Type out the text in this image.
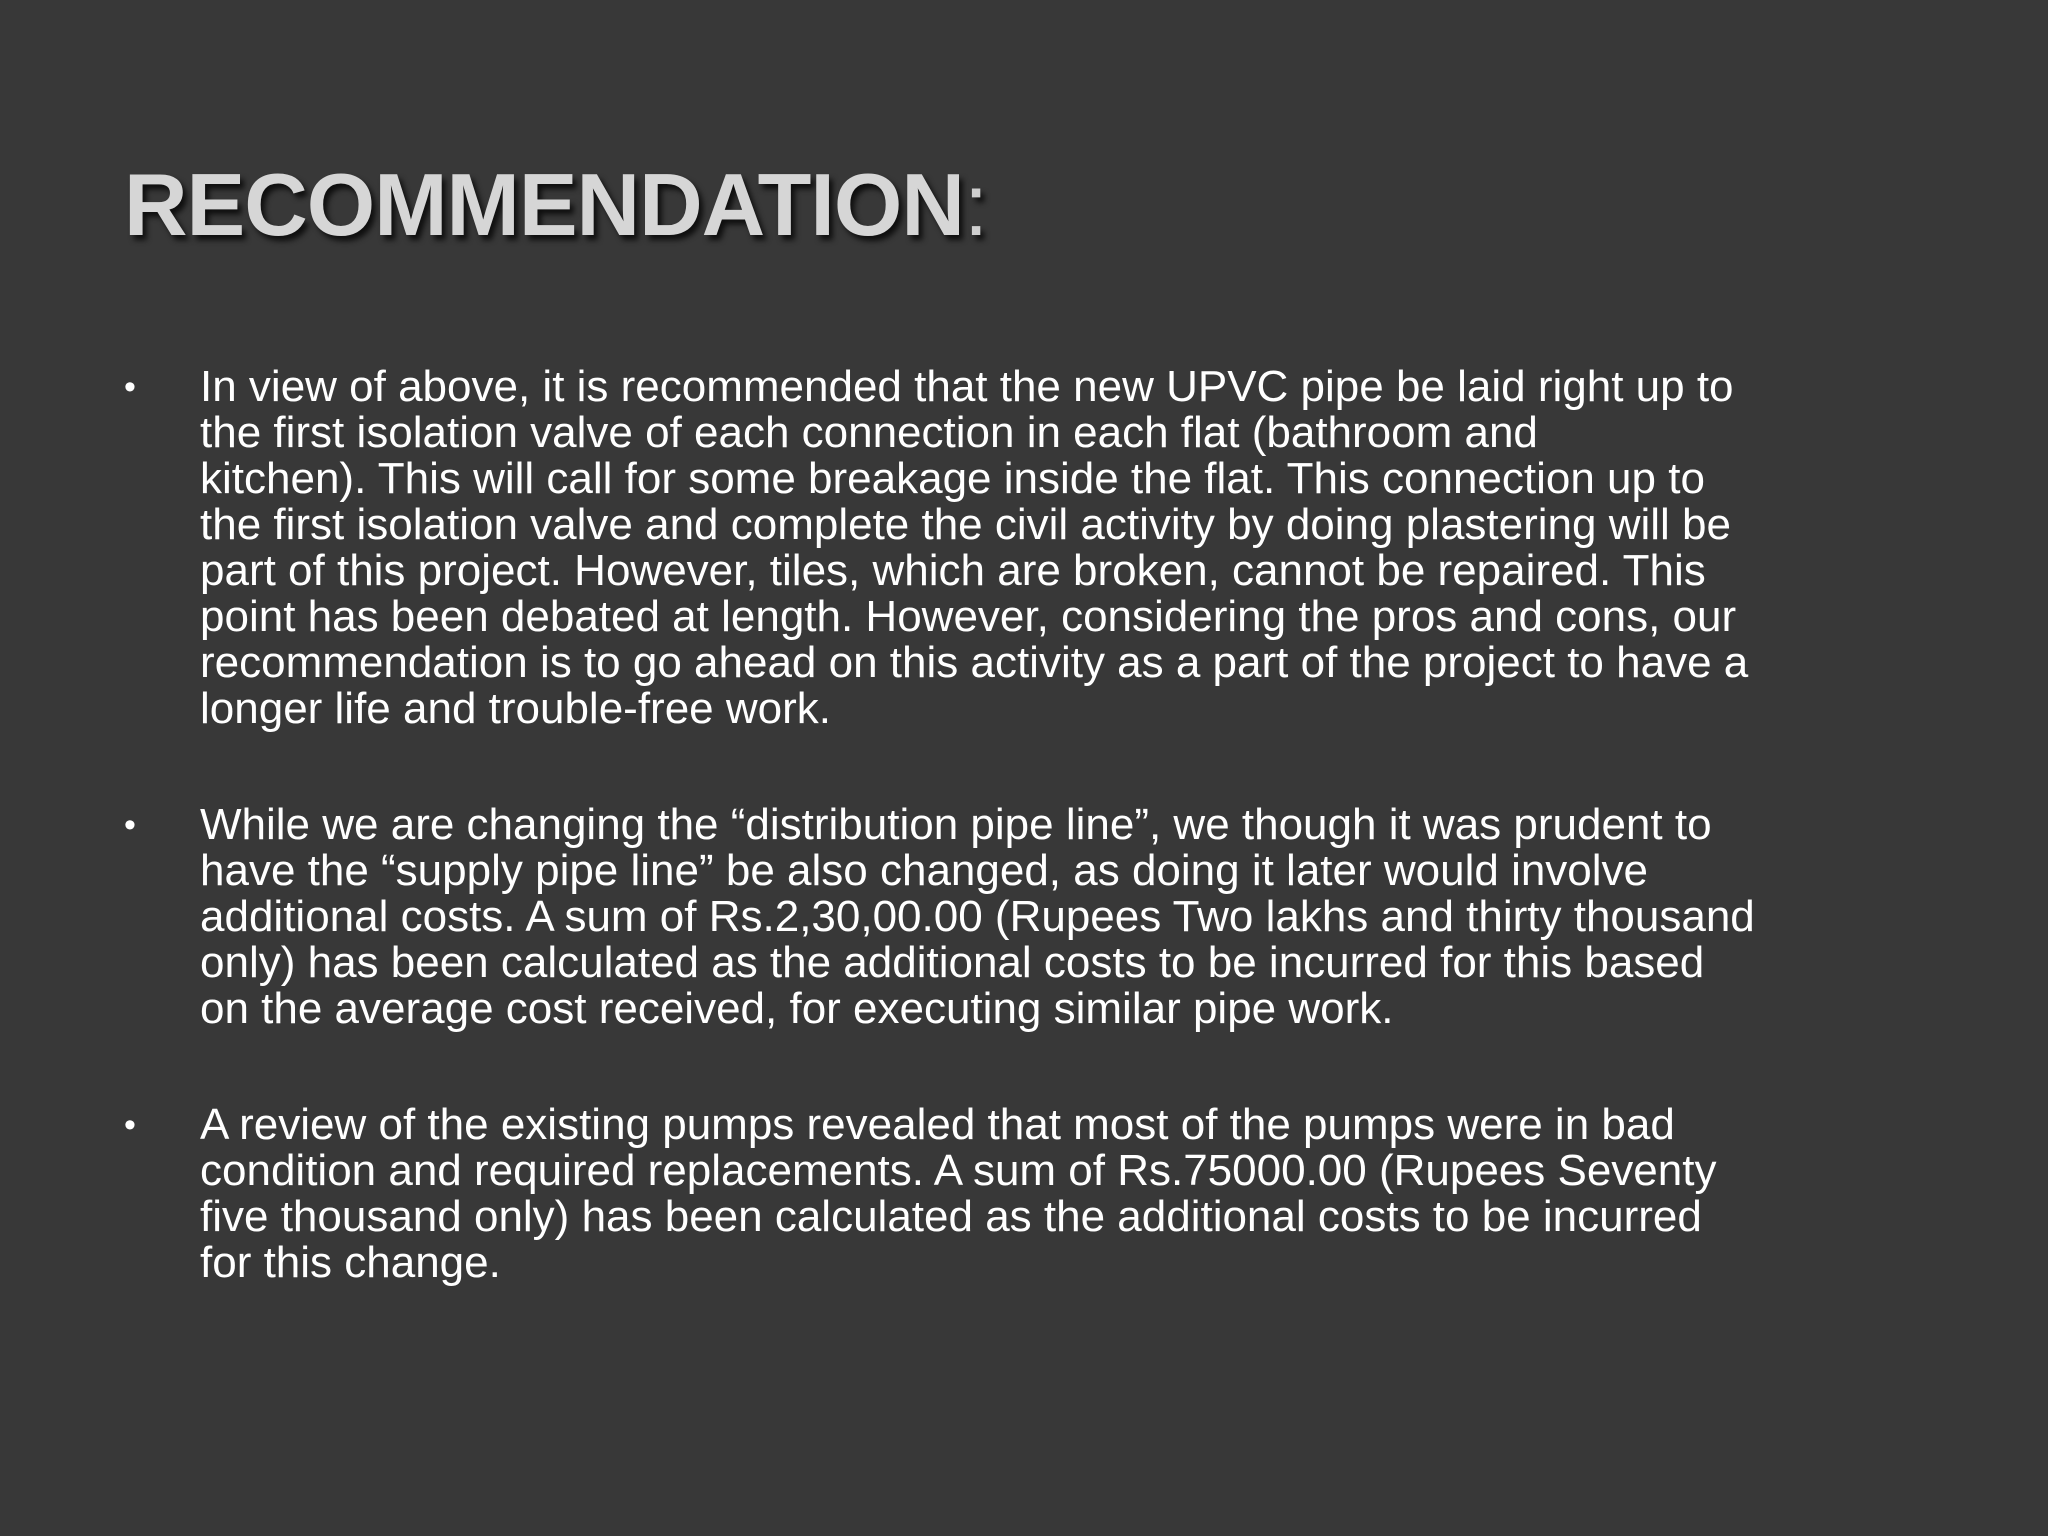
RECOMMENDATION:
•	In view of above, it is recommended that the new UPVC pipe be laid right up to
the first isolation valve of each connection in each flat (bathroom and
kitchen). This will call for some breakage inside the flat. This connection up to
the first isolation valve and complete the civil activity by doing plastering will be
part of this project. However, tiles, which are broken, cannot be repaired. This
point has been debated at length. However, considering the pros and cons, our
recommendation is to go ahead on this activity as a part of the project to have a
longer life and trouble-free work.
•	While we are changing the “distribution pipe line”, we though it was prudent to
have the “supply pipe line” be also changed, as doing it later would involve
additional costs. A sum of Rs.2,30,00.00 (Rupees Two lakhs and thirty thousand
only) has been calculated as the additional costs to be incurred for this based
on the average cost received, for executing similar pipe work.
•	A review of the existing pumps revealed that most of the pumps were in bad
condition and required replacements. A sum of Rs.75000.00 (Rupees Seventy
five thousand only) has been calculated as the additional costs to be incurred
for this change.
